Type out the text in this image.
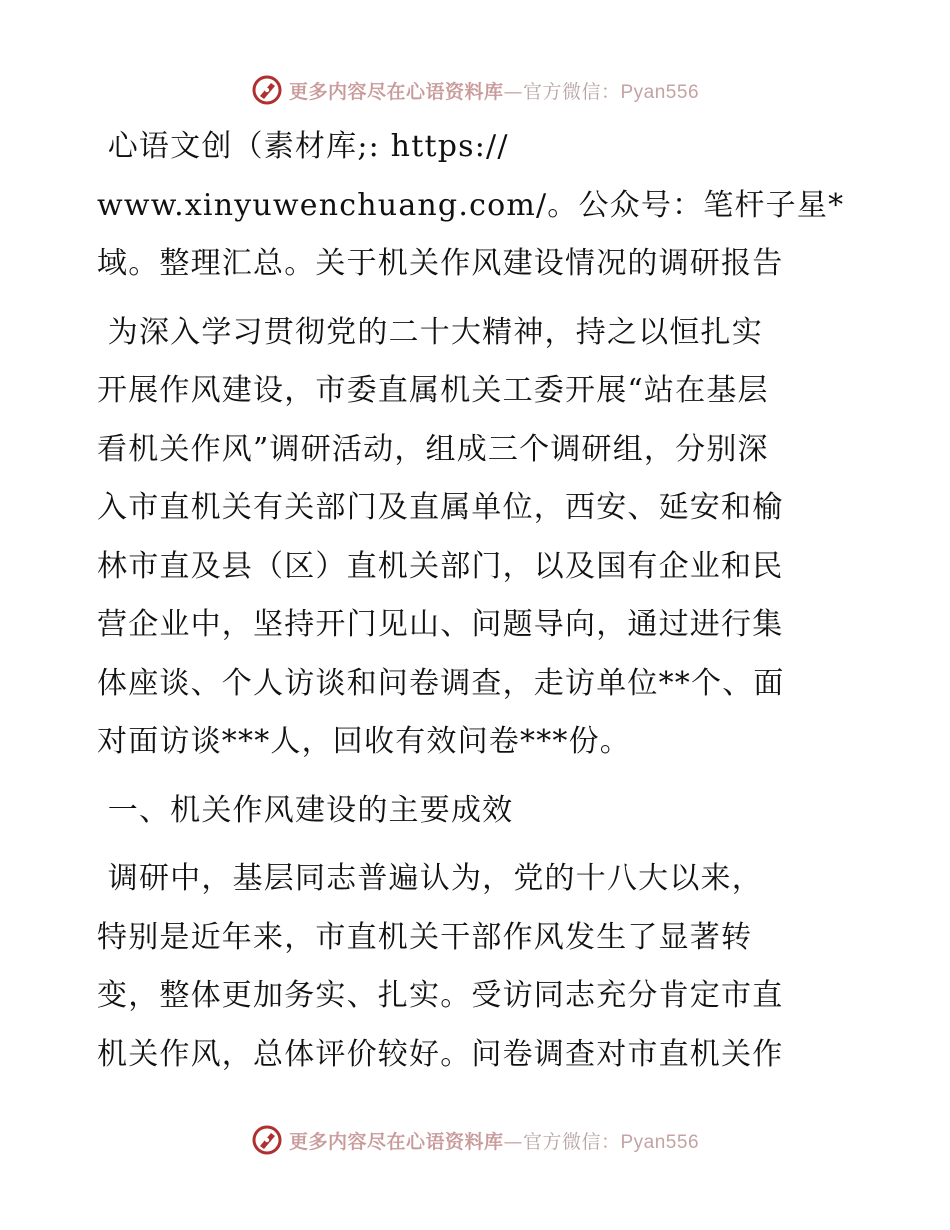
更多内容尽在心语资料库—官方微信：Pyan556
心语文创（素材库;: https://
www.xinyuwenchuang.com/。公众号：笔杆子星*
域。整理汇总。关于机关作风建设情况的调研报告
为深入学习贯彻党的二十大精神，持之以恒扎实
开展作风建设，市委直属机关工委开展“站在基层
看机关作风”调研活动，组成三个调研组，分别深
入市直机关有关部门及直属单位，西安、延安和榆
林市直及县（区）直机关部门，以及国有企业和民
营企业中，坚持开门见山、问题导向，通过进行集
体座谈、个人访谈和问卷调查，走访单位**个、面
对面访谈***人，回收有效问卷***份。
一、机关作风建设的主要成效
调研中，基层同志普遍认为，党的十八大以来，
特别是近年来，市直机关干部作风发生了显著转
变，整体更加务实、扎实。受访同志充分肯定市直
机关作风，总体评价较好。问卷调查对市直机关作
更多内容尽在心语资料库—官方微信：Pyan556
